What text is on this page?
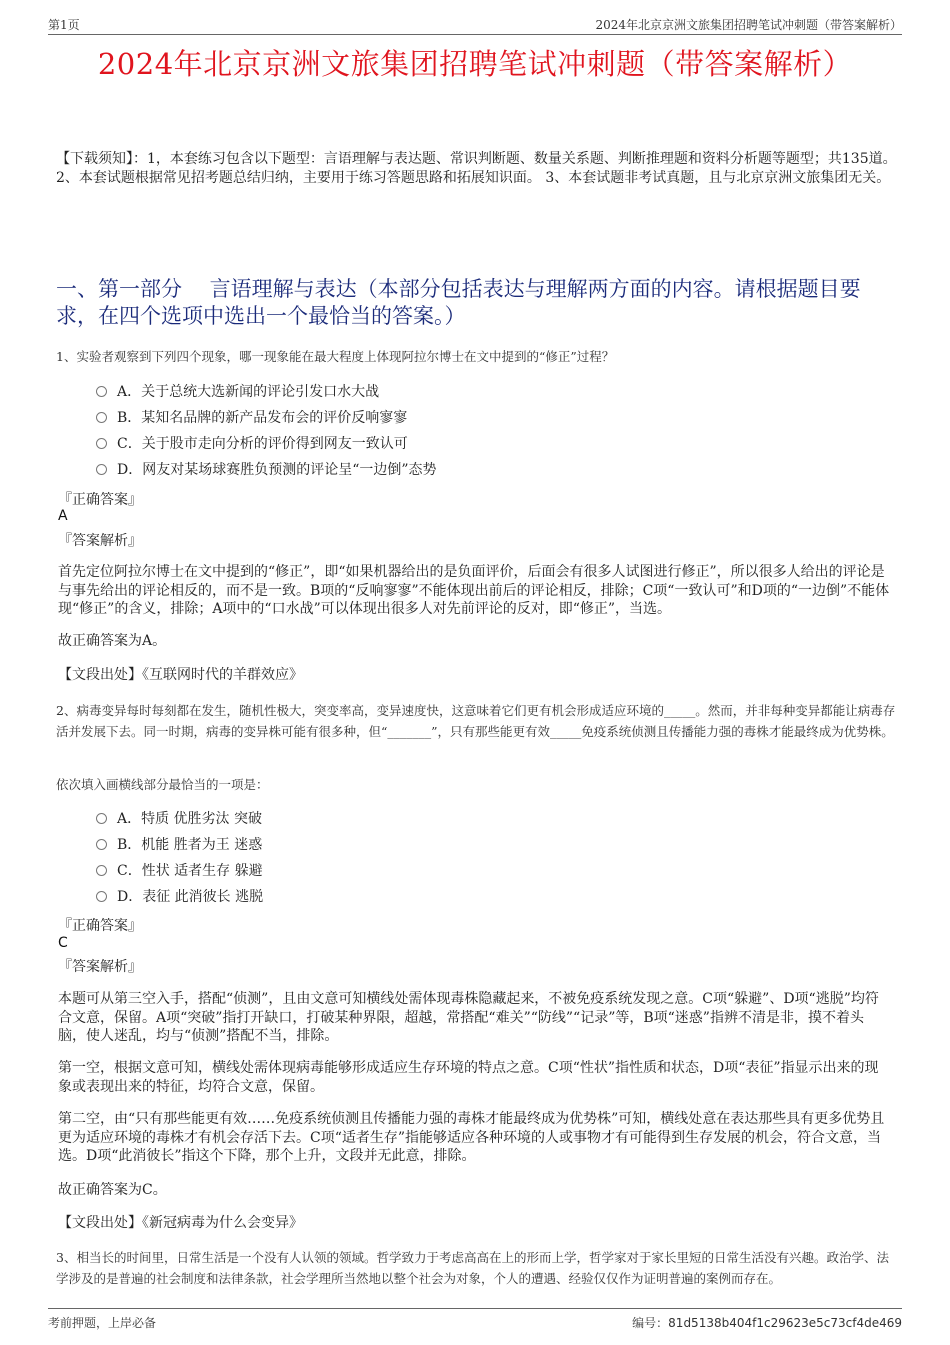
第1页	2024年北京京洲文旅集团招聘笔试冲刺题（带答案解析）
2024年北京京洲文旅集团招聘笔试冲刺题（带答案解析）
【下载须知】：1，本套练习包含以下题型：言语理解与表达题、常识判断题、数量关系题、判断推理题和资料分析题等题型；共135道。 2、本套试题根据常见招考题总结归纳，主要用于练习答题思路和拓展知识面。 3、本套试题非考试真题，且与北京京洲文旅集团无关。
一、第一部分　 言语理解与表达（本部分包括表达与理解两方面的内容。请根据题目要求，在四个选项中选出一个最恰当的答案。）
1、实验者观察到下列四个现象，哪一现象能在最大程度上体现阿拉尔博士在文中提到的“修正”过程？
A．关于总统大选新闻的评论引发口水大战
B．某知名品牌的新产品发布会的评价反响寥寥
C．关于股市走向分析的评价得到网友一致认可
D．网友对某场球赛胜负预测的评论呈“一边倒”态势
『正确答案』
A
『答案解析』
首先定位阿拉尔博士在文中提到的“修正”，即“如果机器给出的是负面评价，后面会有很多人试图进行修正”，所以很多人给出的评论是与事先给出的评论相反的，而不是一致。B项的“反响寥寥”不能体现出前后的评论相反，排除；C项“一致认可”和D项的“一边倒”不能体现“修正”的含义，排除；A项中的“口水战”可以体现出很多人对先前评论的反对，即“修正”，当选。
故正确答案为A。
【文段出处】《互联网时代的羊群效应》
2、病毒变异每时每刻都在发生，随机性极大，突变率高，变异速度快，这意味着它们更有机会形成适应环境的_____。然而，并非每种变异都能让病毒存活并发展下去。同一时期，病毒的变异株可能有很多种，但“_______”，只有那些能更有效_____免疫系统侦测且传播能力强的毒株才能最终成为优势株。
依次填入画横线部分最恰当的一项是：
A．特质 优胜劣汰 突破
B．机能 胜者为王 迷惑
C．性状 适者生存 躲避
D．表征 此消彼长 逃脱
『正确答案』
C
『答案解析』
本题可从第三空入手，搭配“侦测”，且由文意可知横线处需体现毒株隐藏起来，不被免疫系统发现之意。C项“躲避”、D项“逃脱”均符合文意，保留。A项“突破”指打开缺口，打破某种界限，超越，常搭配“难关”“防线”“记录”等，B项“迷惑”指辨不清是非，摸不着头脑，使人迷乱，均与“侦测”搭配不当，排除。
第一空，根据文意可知，横线处需体现病毒能够形成适应生存环境的特点之意。C项“性状”指性质和状态，D项“表征”指显示出来的现象或表现出来的特征，均符合文意，保留。
第二空，由“只有那些能更有效……免疫系统侦测且传播能力强的毒株才能最终成为优势株”可知，横线处意在表达那些具有更多优势且更为适应环境的毒株才有机会存活下去。C项“适者生存”指能够适应各种环境的人或事物才有可能得到生存发展的机会，符合文意，当选。D项“此消彼长”指这个下降，那个上升，文段并无此意，排除。
故正确答案为C。
【文段出处】《新冠病毒为什么会变异》
3、相当长的时间里，日常生活是一个没有人认领的领域。哲学致力于考虑高高在上的形而上学，哲学家对于家长里短的日常生活没有兴趣。政治学、法学涉及的是普遍的社会制度和法律条款，社会学理所当然地以整个社会为对象，个人的遭遇、经验仅仅作为证明普遍的案例而存在。
考前押题，上岸必备	编号：81d5138b404f1c29623e5c73cf4de469
